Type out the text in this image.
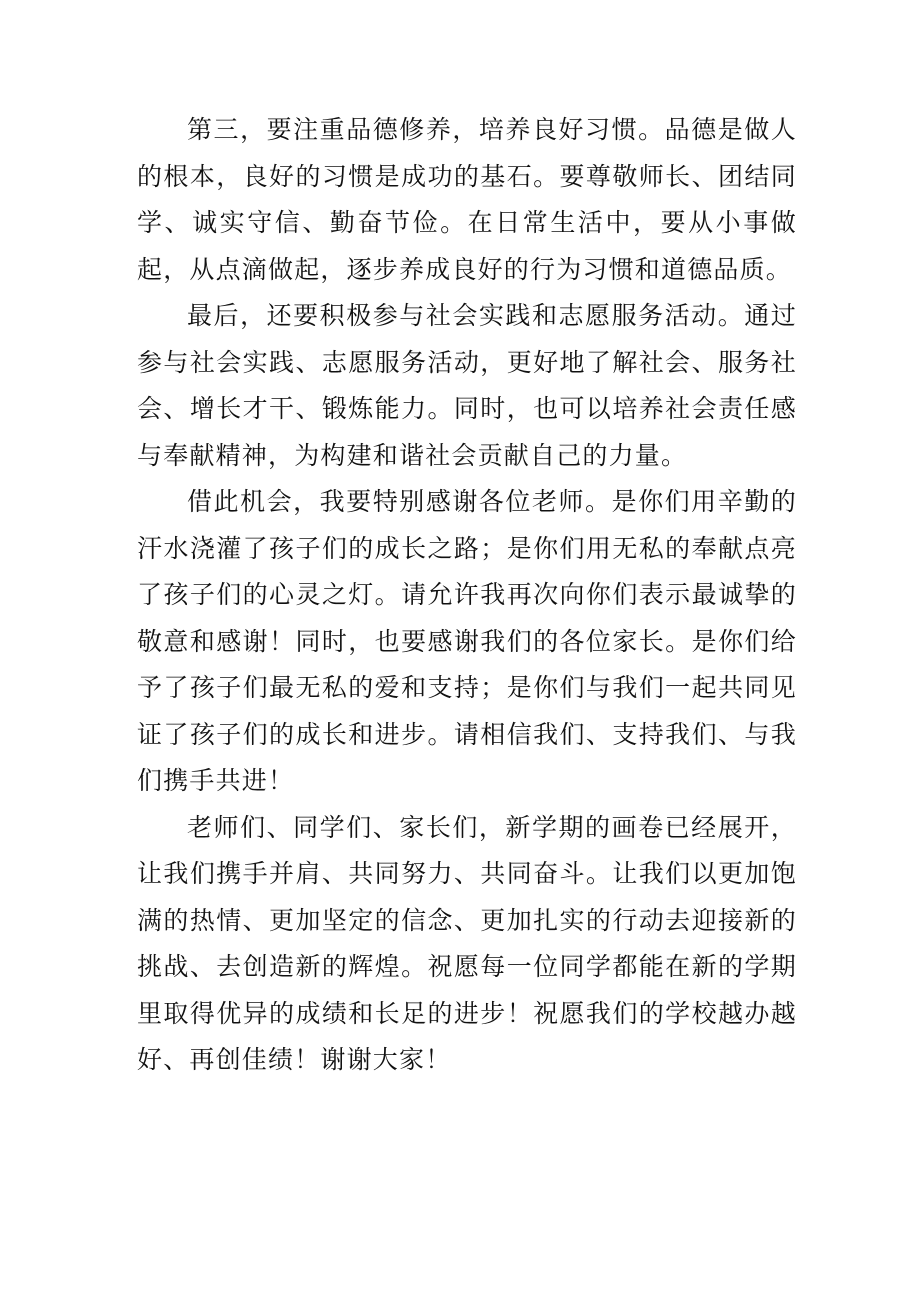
第三，要注重品德修养，培养良好习惯。品德是做人的根本，良好的习惯是成功的基石。要尊敬师长、团结同学、诚实守信、勤奋节俭。在日常生活中，要从小事做起，从点滴做起，逐步养成良好的行为习惯和道德品质。

最后，还要积极参与社会实践和志愿服务活动。通过参与社会实践、志愿服务活动，更好地了解社会、服务社会、增长才干、锻炼能力。同时，也可以培养社会责任感与奉献精神，为构建和谐社会贡献自己的力量。

借此机会，我要特别感谢各位老师。是你们用辛勤的汗水浇灌了孩子们的成长之路；是你们用无私的奉献点亮了孩子们的心灵之灯。请允许我再次向你们表示最诚挚的敬意和感谢！同时，也要感谢我们的各位家长。是你们给予了孩子们最无私的爱和支持；是你们与我们一起共同见证了孩子们的成长和进步。请相信我们、支持我们、与我们携手共进！

老师们、同学们、家长们，新学期的画卷已经展开，让我们携手并肩、共同努力、共同奋斗。让我们以更加饱满的热情、更加坚定的信念、更加扎实的行动去迎接新的挑战、去创造新的辉煌。祝愿每一位同学都能在新的学期里取得优异的成绩和长足的进步！祝愿我们的学校越办越好、再创佳绩！谢谢大家！
